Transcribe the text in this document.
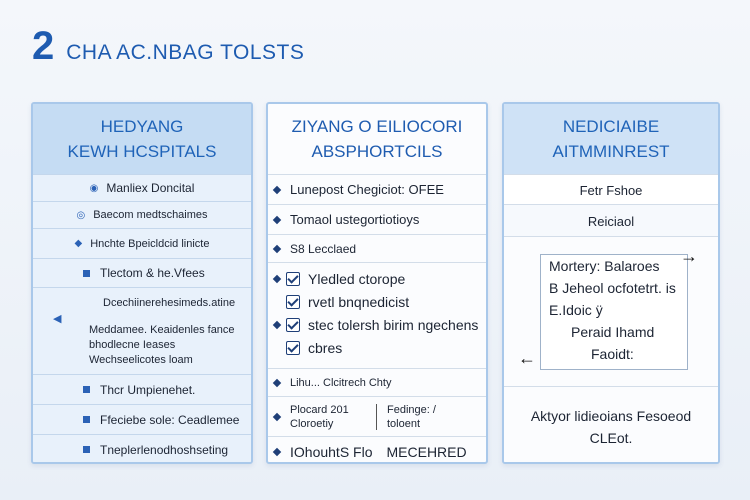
2 CHA AC.NBAG TOLSTS
HEDYANG
KEWH HCSPITALS
◉ Manliex Doncital
◎ Baecom medtschaimes
◆ Hnchte Bpeicldcid linicte
Tlectom & he.Vfees
Dcechiinerehesimeds.atine
Meddamee. Keaidenles fance bhodlecne Ieases Wechseelicotes loam
◀
Thcr Umpienehet.
Ffeciebe sole: Ceadlemee
Tneplerlenodhoshseting
ZIYANG O EILIOCORI
ABSPHORTCILS
Lunepost Chegiciot: OFEE
Tomaol ustegortiotioys
S8 Lecclaed
Yledled ctorope
rvetl bnqnedicist
stec tolersh birim ngechens
cbres
Lihu... Clcitrech Chty
Plocard 201 Cloroetiy
Fedinge: / toloent
IOhouhtS Flo MECEHRED
NEDICIAIBE
AITMMINREST
Fetr Fshoe
Reiciaol
Mortery: Balaroes
B Jeheol ocfotetrt. is
E.Idoic ÿ
Peraid Ihamd
Faoidt:
→
←
Aktyor lidieoians Fesoeod
CLEot.
